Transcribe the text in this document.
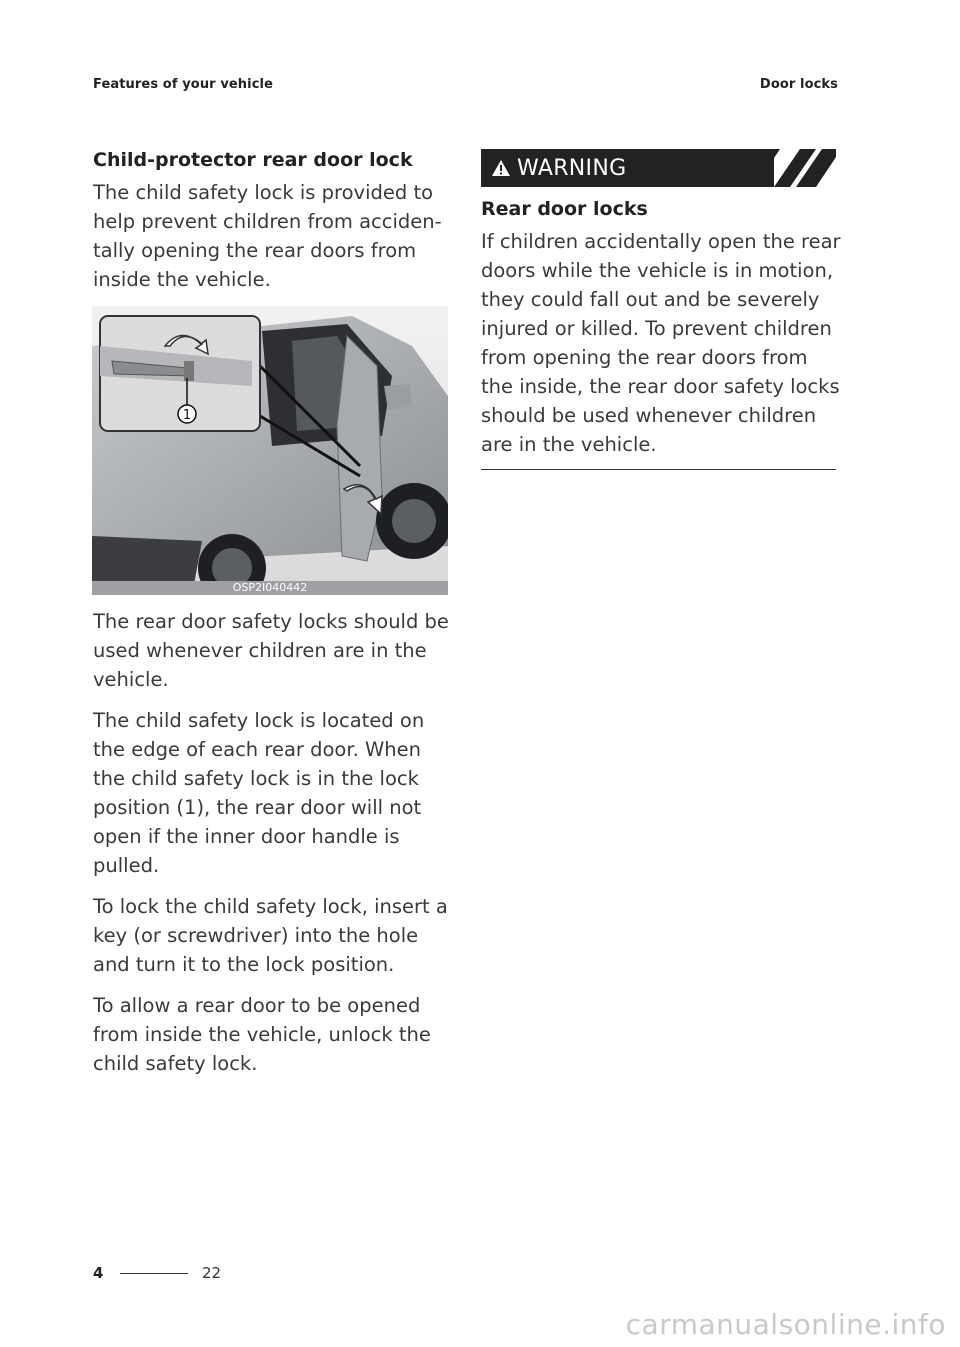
Features of your vehicle	Door locks
Child-protector rear door lock
The child safety lock is provided to
help prevent children from acciden-
tally opening the rear doors from
inside the vehicle.
1
OSP2I040442
The rear door safety locks should be
used whenever children are in the
vehicle.
The child safety lock is located on
the edge of each rear door. When
the child safety lock is in the lock
position (1), the rear door will not
open if the inner door handle is
pulled.
To lock the child safety lock, insert a
key (or screwdriver) into the hole
and turn it to the lock position.
To allow a rear door to be opened
from inside the vehicle, unlock the
child safety lock.
WARNING
Rear door locks
If children accidentally open the rear
doors while the vehicle is in motion,
they could fall out and be severely
injured or killed. To prevent children
from opening the rear doors from
the inside, the rear door safety locks
should be used whenever children
are in the vehicle.
4	22
carmanualsonline.info
